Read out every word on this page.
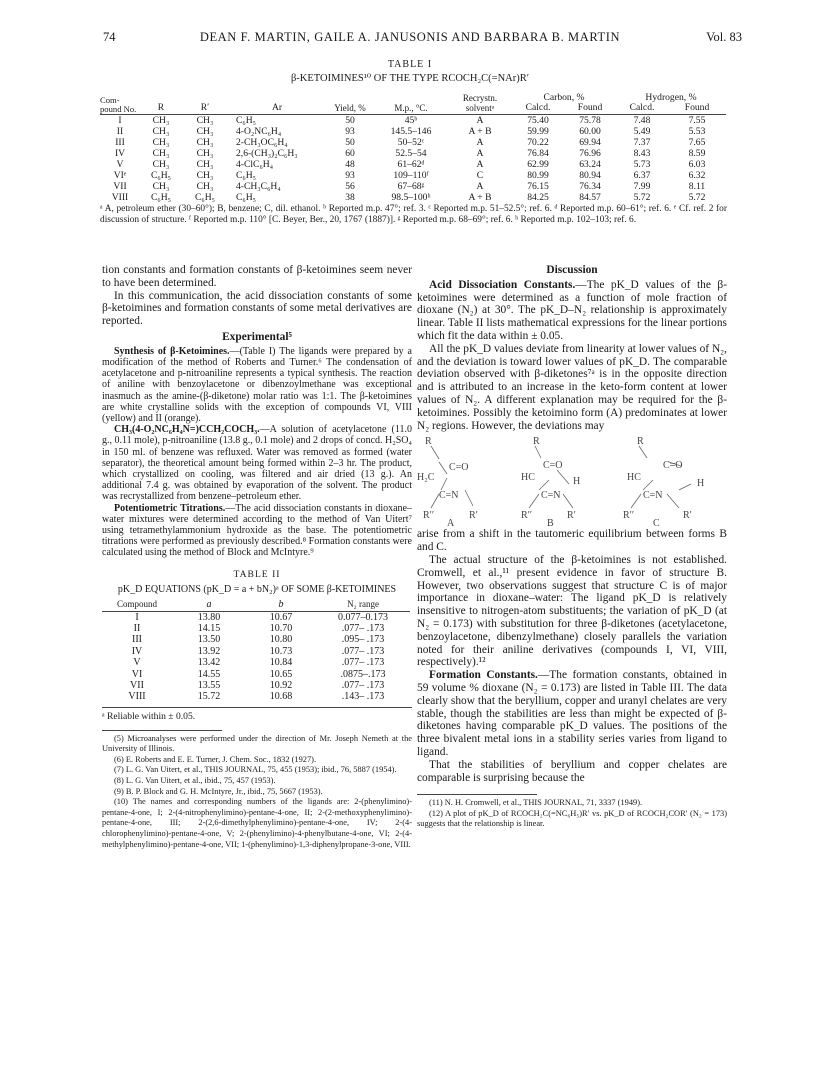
74	DEAN F. MARTIN, GAILE A. JANUSONIS AND BARBARA B. MARTIN	Vol. 83
TABLE I
β-KETOIMINES¹⁰ OF THE TYPE RCOCH₂C(=NAr)R′
Com- pound No.	R	R′	Ar	Yield, %	M.p., °C.	Recrystn. solventᵃ	Carbon, %		Hydrogen, %	
							Calcd.	Found	Calcd.	Found
I	CH₃	CH₃	C₆H₅	50	45ᵇ	A	75.40	75.78	7.48	7.55
II	CH₃	CH₃	4-O₂NC₆H₄	93	145.5–146	A + B	59.99	60.00	5.49	5.53
III	CH₃	CH₃	2-CH₃OC₆H₄	50	50–52ᶜ	A	70.22	69.94	7.37	7.65
IV	CH₃	CH₃	2,6-(CH₃)₂C₆H₃	60	52.5–54	A	76.84	76.96	8.43	8.59
V	CH₃	CH₃	4-ClC₆H₄	48	61–62ᵈ	A	62.99	63.24	5.73	6.03
VIᵉ	C₆H₅	CH₃	C₆H₅	93	109–110ᶠ	C	80.99	80.94	6.37	6.32
VII	CH₃	CH₃	4-CH₃C₆H₄	56	67–68ᵍ	A	76.15	76.34	7.99	8.11
VIII	C₆H₅	C₆H₅	C₆H₅	38	98.5–100ʰ	A + B	84.25	84.57	5.72	5.72
ᵃ A, petroleum ether (30–60°); B, benzene; C, dil. ethanol. ᵇ Reported m.p. 47°; ref. 3. ᶜ Reported m.p. 51–52.5°; ref. 6. ᵈ Reported m.p. 60–61°; ref. 6. ᵉ Cf. ref. 2 for discussion of structure. ᶠ Reported m.p. 110° [C. Beyer, Ber., 20, 1767 (1887)]. ᵍ Reported m.p. 68–69°; ref. 6. ʰ Reported m.p. 102–103; ref. 6.

tion constants and formation constants of β-ketoimines seem never to have been determined.

In this communication, the acid dissociation constants of some β-ketoimines and formation constants of some metal derivatives are reported.

Experimental⁵

Synthesis of β-Ketoimines.—(Table I) The ligands were prepared by a modification of the method of Roberts and Turner.⁶ The condensation of acetylacetone and p-nitroaniline represents a typical synthesis. The reaction of aniline with benzoylacetone or dibenzoylmethane was exceptional inasmuch as the amine-(β-diketone) molar ratio was 1:1. The β-ketoimines are white crystalline solids with the exception of compounds VI, VIII (yellow) and II (orange).

CH₃(4-O₂NC₆H₄N=)CCH₂COCH₃.—A solution of acetylacetone (11.0 g., 0.11 mole), p-nitroaniline (13.8 g., 0.1 mole) and 2 drops of concd. H₂SO₄ in 150 ml. of benzene was refluxed. Water was removed as formed (water separator), the theoretical amount being formed within 2–3 hr. The product, which crystallized on cooling, was filtered and air dried (13 g.). An additional 7.4 g. was obtained by evaporation of the solvent. The product was recrystallized from benzene–petroleum ether.

Potentiometric Titrations.—The acid dissociation constants in dioxane–water mixtures were determined according to the method of Van Uitert⁷ using tetramethylammonium hydroxide as the base. The potentiometric titrations were performed as previously described.⁸ Formation constants were calculated using the method of Block and McIntyre.⁹

TABLE II
pK_D EQUATIONS (pK_D = a + bN₂)ᵃ OF SOME β-KETOIMINES
Compound	a	b	N₂ range
I	13.80	10.67	0.077–0.173
II	14.15	10.70	.077– .173
III	13.50	10.80	.095– .173
IV	13.92	10.73	.077– .173
V	13.42	10.84	.077– .173
VI	14.55	10.65	.0875–.173
VII	13.55	10.92	.077– .173
VIII	15.72	10.68	.143– .173
ᵃ Reliable within ± 0.05.

(5) Microanalyses were performed under the direction of Mr. Joseph Nemeth at the University of Illinois.

(6) E. Roberts and E. E. Turner, J. Chem. Soc., 1832 (1927).

(7) L. G. Van Uitert, et al., THIS JOURNAL, 75, 455 (1953); ibid., 76, 5887 (1954).

(8) L. G. Van Uitert, et al., ibid., 75, 457 (1953).

(9) B. P. Block and G. H. McIntyre, Jr., ibid., 75, 5667 (1953).

(10) The names and corresponding numbers of the ligands are: 2-(phenylimino)-pentane-4-one, I; 2-(4-nitrophenylimino)-pentane-4-one, II; 2-(2-methoxyphenylimino)-pentane-4-one, III; 2-(2,6-dimethylphenylimino)-pentane-4-one, IV; 2-(4-chlorophenylimino)-pentane-4-one, V; 2-(phenylimino)-4-phenylbutane-4-one, VI; 2-(4-methylphenylimino)-pentane-4-one, VII; 1-(phenylimino)-1,3-diphenylpropane-3-one, VIII.

Discussion

Acid Dissociation Constants.—The pK_D values of the β-ketoimines were determined as a function of mole fraction of dioxane (N₂) at 30°. The pK_D–N₂ relationship is approximately linear. Table II lists mathematical expressions for the linear portions which fit the data within ± 0.05.

All the pK_D values deviate from linearity at lower values of N₂, and the deviation is toward lower values of pK_D. The comparable deviation observed with β-diketones⁷ᵃ is in the opposite direction and is attributed to an increase in the keto-form content at lower values of N₂. A different explanation may be required for the β-ketoimines. Possibly the ketoimino form (A) predominates at lower N₂ regions. However, the deviations may

R
C=O
H₂C
C=N
R′′	R′
A
R
C=O
HC	H
C=N
R′′	R′
B
R
C=O
HC
H
C=N
R′′	R′
C

arise from a shift in the tautomeric equilibrium between forms B and C.

The actual structure of the β-ketoimines is not established. Cromwell, et al.,¹¹ present evidence in favor of structure B. However, two observations suggest that structure C is of major importance in dioxane–water: The ligand pK_D is relatively insensitive to nitrogen-atom substituents; the variation of pK_D (at N₂ = 0.173) with substitution for three β-diketones (acetylacetone, benzoylacetone, dibenzylmethane) closely parallels the variation noted for their aniline derivatives (compounds I, VI, VIII, respectively).¹²

Formation Constants.—The formation constants, obtained in 59 volume % dioxane (N₂ = 0.173) are listed in Table III. The data clearly show that the beryllium, copper and uranyl chelates are very stable, though the stabilities are less than might be expected of β-diketones having comparable pK_D values. The positions of the three bivalent metal ions in a stability series varies from ligand to ligand.

That the stabilities of beryllium and copper chelates are comparable is surprising because the

(11) N. H. Cromwell, et al., THIS JOURNAL, 71, 3337 (1949).

(12) A plot of pK_D of RCOCH₂C(=NC₆H₅)R′ vs. pK_D of RCOCH₂COR′ (N₂ = 173) suggests that the relationship is linear.
